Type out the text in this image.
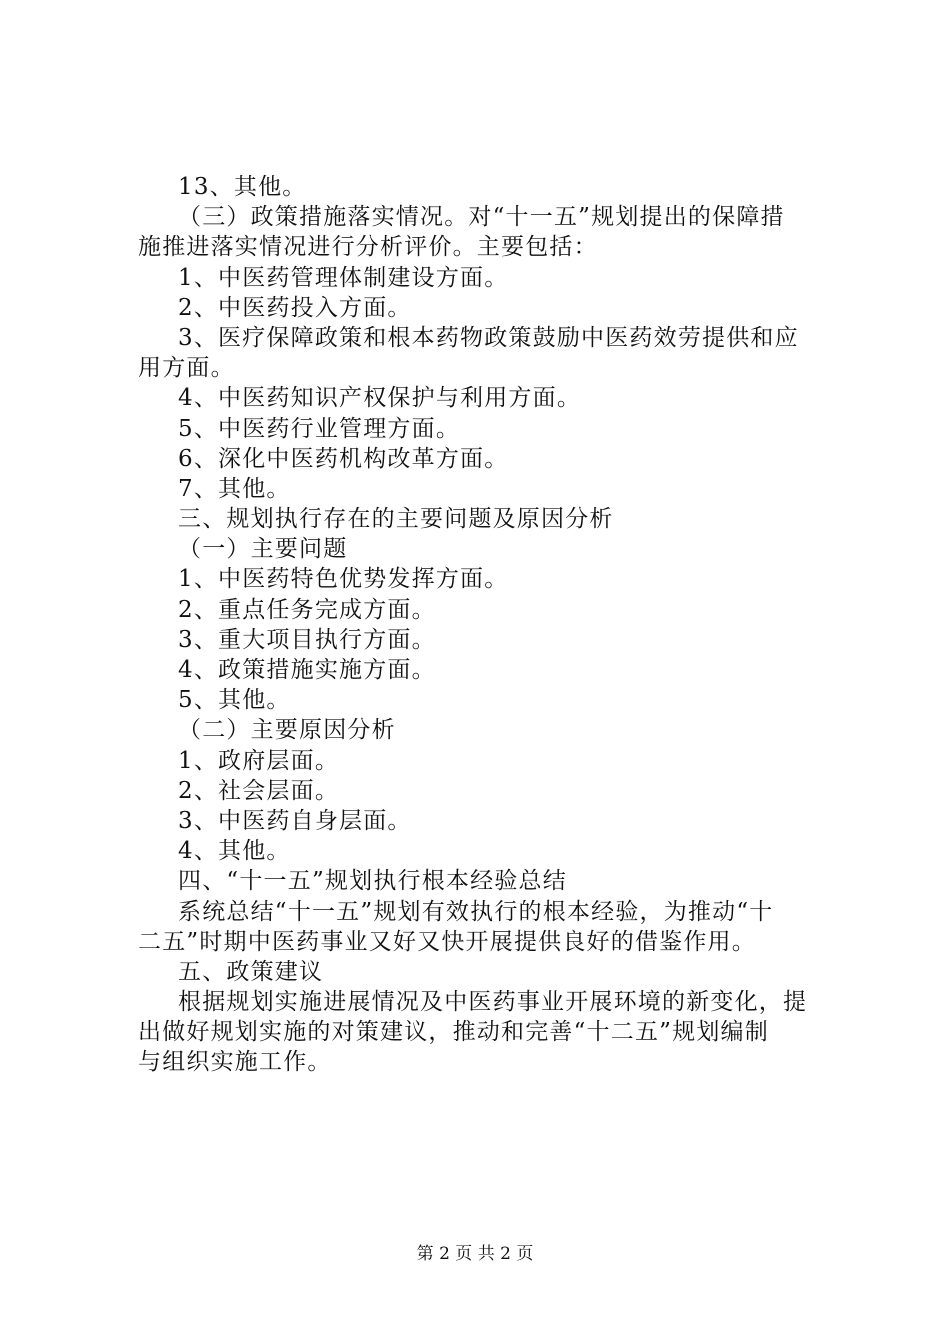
13、其他。
（三）政策措施落实情况。对“十一五”规划提出的保障措
施推进落实情况进行分析评价。主要包括：
1、中医药管理体制建设方面。
2、中医药投入方面。
3、医疗保障政策和根本药物政策鼓励中医药效劳提供和应
用方面。
4、中医药知识产权保护与利用方面。
5、中医药行业管理方面。
6、深化中医药机构改革方面。
7、其他。
三、规划执行存在的主要问题及原因分析
（一）主要问题
1、中医药特色优势发挥方面。
2、重点任务完成方面。
3、重大项目执行方面。
4、政策措施实施方面。
5、其他。
（二）主要原因分析
1、政府层面。
2、社会层面。
3、中医药自身层面。
4、其他。
四、“十一五”规划执行根本经验总结
系统总结“十一五”规划有效执行的根本经验，为推动“十
二五”时期中医药事业又好又快开展提供良好的借鉴作用。
五、政策建议
根据规划实施进展情况及中医药事业开展环境的新变化，提
出做好规划实施的对策建议，推动和完善“十二五”规划编制
与组织实施工作。
第 2 页 共 2 页
